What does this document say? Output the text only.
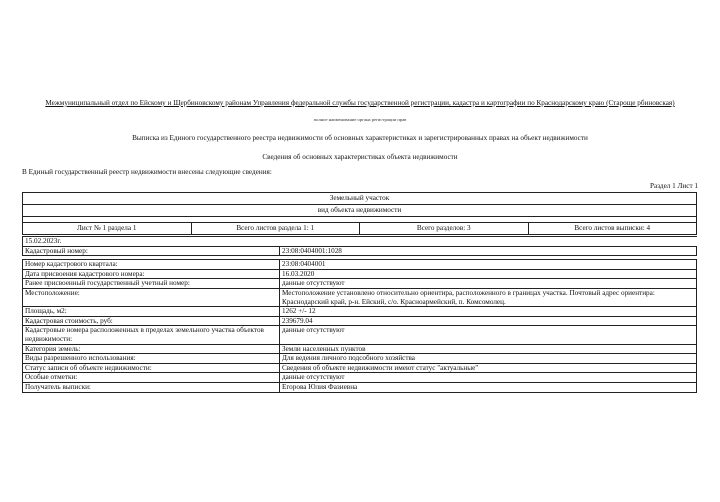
Межмуниципальный отдел по Ейскому и Щербиновскому районам Управления федеральной службы государственной регистрации, кадастра и картографии по Краснодарскому краю (Староще рбиновская)
полное наименование органа регистрации прав
Выписка из Единого государственного реестра недвижимости об основных характеристиках и зарегистрированных правах на объект недвижимости
Сведения об основных характеристиках объекта недвижимости
В Единый государственный реестр недвижимости внесены следующие сведения:
Раздел 1 Лист 1
Земельный участок
вид объекта недвижимости
Лист № 1 раздела 1	Всего листов раздела 1: 1	Всего разделов: 3	Всего листов выписки: 4
15.02.2023г.	
Кадастровый номер:	23:08:0404001:1028

Номер кадастрового квартала:	23:08:0404001
Дата присвоения кадастрового номера:	16.03.2020
Ранее присвоенный государственный учетный номер:	данные отсутствуют
Местоположение:	Местоположение установлено относительно ориентира, расположенного в границах участка. Почтовый адрес ориентира: Краснодарский край, р-н. Ейский, с/о. Красноармейский, п. Комсомолец.
Площадь, м2:	1262 +/- 12
Кадастровая стоимость, руб:	239679.04
Кадастровые номера расположенных в пределах земельного участка объектов недвижимости:	данные отсутствуют
Категория земель:	Земли населенных пунктов
Виды разрешенного использования:	Для ведения личного подсобного хозяйства
Статус записи об объекте недвижимости:	Сведения об объекте недвижимости имеют статус "актуальные"
Особые отметки:	данные отсутствуют
Получатель выписки:	Егорова Юлия Фазиевна
